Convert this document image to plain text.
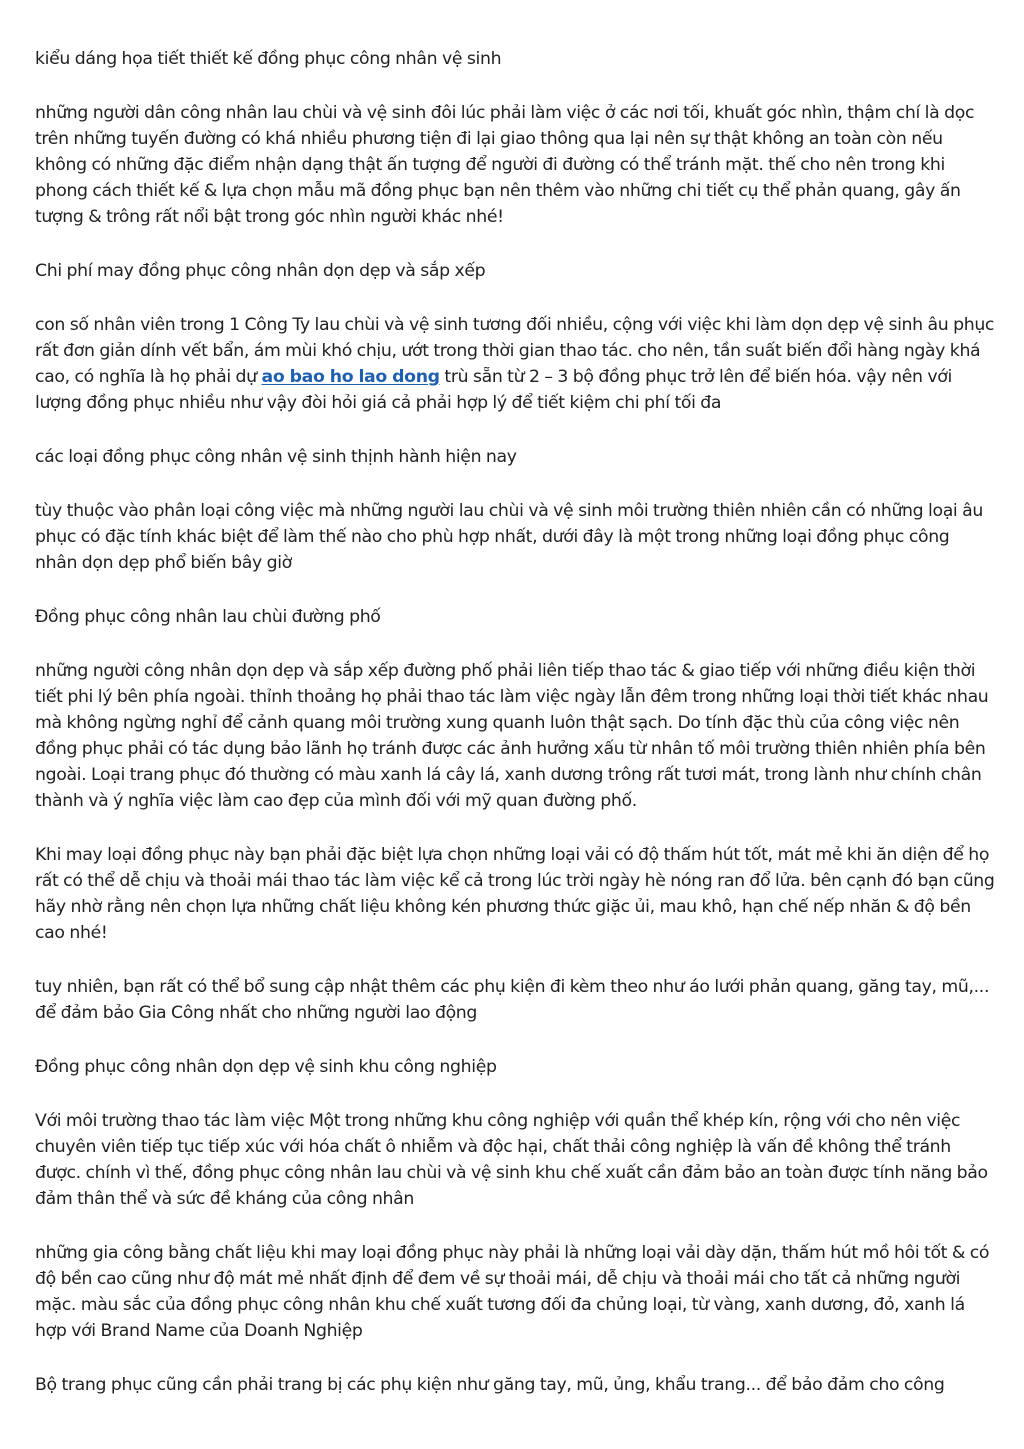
kiểu dáng họa tiết thiết kế đồng phục công nhân vệ sinh

những người dân công nhân lau chùi và vệ sinh đôi lúc phải làm việc ở các nơi tối, khuất góc nhìn, thậm chí là dọc trên những tuyến đường có khá nhiều phương tiện đi lại giao thông qua lại nên sự thật không an toàn còn nếu không có những đặc điểm nhận dạng thật ấn tượng để người đi đường có thể tránh mặt. thế cho nên trong khi phong cách thiết kế & lựa chọn mẫu mã đồng phục bạn nên thêm vào những chi tiết cụ thể phản quang, gây ấn tượng & trông rất nổi bật trong góc nhìn người khác nhé!

Chi phí may đồng phục công nhân dọn dẹp và sắp xếp

con số nhân viên trong 1 Công Ty lau chùi và vệ sinh tương đối nhiều, cộng với việc khi làm dọn dẹp vệ sinh âu phục rất đơn giản dính vết bẩn, ám mùi khó chịu, ướt trong thời gian thao tác. cho nên, tần suất biến đổi hàng ngày khá cao, có nghĩa là họ phải dự ao bao ho lao dong trù sẵn từ 2 – 3 bộ đồng phục trở lên để biến hóa. vậy nên với lượng đồng phục nhiều như vậy đòi hỏi giá cả phải hợp lý để tiết kiệm chi phí tối đa

các loại đồng phục công nhân vệ sinh thịnh hành hiện nay

tùy thuộc vào phân loại công việc mà những người lau chùi và vệ sinh môi trường thiên nhiên cần có những loại âu phục có đặc tính khác biệt để làm thế nào cho phù hợp nhất, dưới đây là một trong những loại đồng phục công nhân dọn dẹp phổ biến bây giờ

Đồng phục công nhân lau chùi đường phố

những người công nhân dọn dẹp và sắp xếp đường phố phải liên tiếp thao tác & giao tiếp với những điều kiện thời tiết phi lý bên phía ngoài. thỉnh thoảng họ phải thao tác làm việc ngày lẫn đêm trong những loại thời tiết khác nhau mà không ngừng nghỉ để cảnh quang môi trường xung quanh luôn thật sạch. Do tính đặc thù của công việc nên đồng phục phải có tác dụng bảo lãnh họ tránh được các ảnh hưởng xấu từ nhân tố môi trường thiên nhiên phía bên ngoài. Loại trang phục đó thường có màu xanh lá cây lá, xanh dương trông rất tươi mát, trong lành như chính chân thành và ý nghĩa việc làm cao đẹp của mình đối với mỹ quan đường phố.

Khi may loại đồng phục này bạn phải đặc biệt lựa chọn những loại vải có độ thấm hút tốt, mát mẻ khi ăn diện để họ rất có thể dễ chịu và thoải mái thao tác làm việc kể cả trong lúc trời ngày hè nóng ran đổ lửa. bên cạnh đó bạn cũng hãy nhờ rằng nên chọn lựa những chất liệu không kén phương thức giặc ủi, mau khô, hạn chế nếp nhăn & độ bền cao nhé!

tuy nhiên, bạn rất có thể bổ sung cập nhật thêm các phụ kiện đi kèm theo như áo lưới phản quang, găng tay, mũ,... để đảm bảo Gia Công nhất cho những người lao động

Đồng phục công nhân dọn dẹp vệ sinh khu công nghiệp

Với môi trường thao tác làm việc Một trong những khu công nghiệp với quần thể khép kín, rộng với cho nên việc chuyên viên tiếp tục tiếp xúc với hóa chất ô nhiễm và độc hại, chất thải công nghiệp là vấn đề không thể tránh được. chính vì thế, đồng phục công nhân lau chùi và vệ sinh khu chế xuất cần đảm bảo an toàn được tính năng bảo đảm thân thể và sức đề kháng của công nhân

những gia công bằng chất liệu khi may loại đồng phục này phải là những loại vải dày dặn, thấm hút mồ hôi tốt & có độ bền cao cũng như độ mát mẻ nhất định để đem về sự thoải mái, dễ chịu và thoải mái cho tất cả những người mặc. màu sắc của đồng phục công nhân khu chế xuất tương đối đa chủng loại, từ vàng, xanh dương, đỏ, xanh lá hợp với Brand Name của Doanh Nghiệp

Bộ trang phục cũng cần phải trang bị các phụ kiện như găng tay, mũ, ủng, khẩu trang... để bảo đảm cho công
